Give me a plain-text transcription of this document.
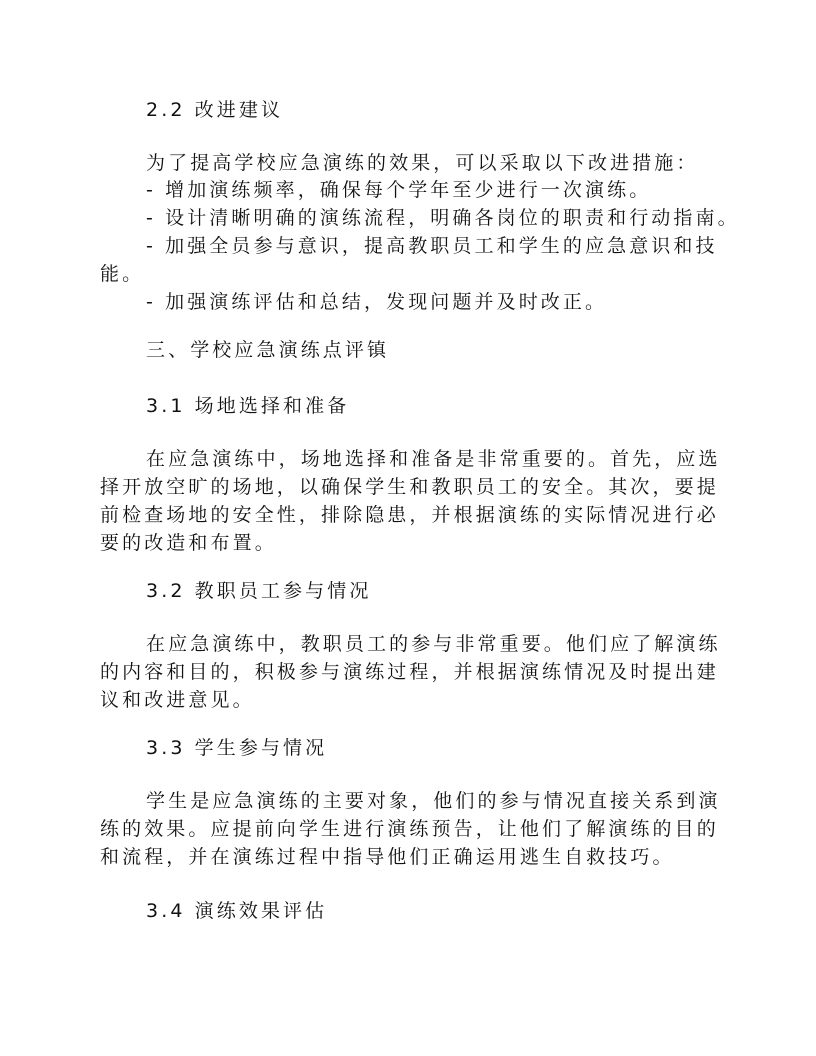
2.2 改进建议
为了提高学校应急演练的效果，可以采取以下改进措施：
- 增加演练频率，确保每个学年至少进行一次演练。
- 设计清晰明确的演练流程，明确各岗位的职责和行动指南。
- 加强全员参与意识，提高教职员工和学生的应急意识和技
能。
- 加强演练评估和总结，发现问题并及时改正。
三、学校应急演练点评镇
3.1 场地选择和准备
在应急演练中，场地选择和准备是非常重要的。首先，应选
择开放空旷的场地，以确保学生和教职员工的安全。其次，要提
前检查场地的安全性，排除隐患，并根据演练的实际情况进行必
要的改造和布置。
3.2 教职员工参与情况
在应急演练中，教职员工的参与非常重要。他们应了解演练
的内容和目的，积极参与演练过程，并根据演练情况及时提出建
议和改进意见。
3.3 学生参与情况
学生是应急演练的主要对象，他们的参与情况直接关系到演
练的效果。应提前向学生进行演练预告，让他们了解演练的目的
和流程，并在演练过程中指导他们正确运用逃生自救技巧。
3.4 演练效果评估
